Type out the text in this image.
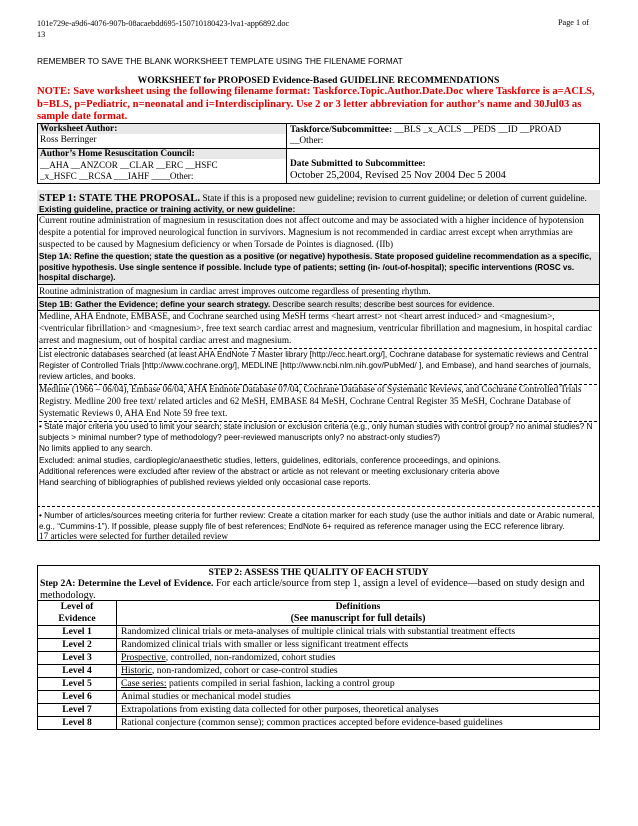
101e729e-a9d6-4076-907b-08acaebdd695-150710180423-lva1-app6892.doc
13
Page 1 of
REMEMBER TO SAVE THE BLANK WORKSHEET TEMPLATE USING THE FILENAME FORMAT
WORKSHEET for PROPOSED Evidence-Based GUIDELINE RECOMMENDATIONS
NOTE: Save worksheet using the following filename format: Taskforce.Topic.Author.Date.Doc where Taskforce is a=ACLS, b=BLS, p=Pediatric, n=neonatal and i=Interdisciplinary. Use 2 or 3 letter abbreviation for author’s name and 30Jul03 as sample date format.
Worksheet Author:
Ross Berringer
Taskforce/Subcommittee: __BLS _x_ACLS __PEDS __ID __PROAD
__Other:
Author’s Home Resuscitation Council:
__AHA __ANZCOR __CLAR __ERC __HSFC
_x_HSFC __RCSA ___IAHF ____Other:
Date Submitted to Subcommittee:
October 25,2004, Revised 25 Nov 2004 Dec 5 2004
STEP 1: STATE THE PROPOSAL. State if this is a proposed new guideline; revision to current guideline; or deletion of current guideline.
Existing guideline, practice or training activity, or new guideline:
Current routine administration of magnesium in resuscitation does not affect outcome and may be associated with a higher incidence of hypotension despite a potential for improved neurological function in survivors. Magnesium is not recommended in cardiac arrest except when arrythmias are suspected to be caused by Magnesium deficiency or when Torsade de Pointes is diagnosed. (IIb)
Step 1A: Refine the question; state the question as a positive (or negative) hypothesis. State proposed guideline recommendation as a specific, positive hypothesis. Use single sentence if possible. Include type of patients; setting (in- /out-of-hospital); specific interventions (ROSC vs. hospital discharge).
Routine administration of magnesium in cardiac arrest improves outcome regardless of presenting rhythm.
Step 1B: Gather the Evidence; define your search strategy. Describe search results; describe best sources for evidence.
Medline, AHA Endnote, EMBASE, and Cochrane searched using MeSH terms <heart arrest> not <heart arrest induced> and <magnesium>, <ventricular fibrillation> and <magnesium>, free text search cardiac arrest and magnesium, ventricular fibrillation and magnesium, in hospital cardiac arrest and magnesium, out of hospital cardiac arrest and magnesium.
List electronic databases searched (at least AHA EndNote 7 Master library [http://ecc.heart.org/], Cochrane database for systematic reviews and Central Register of Controlled Trials [http://www.cochrane.org/], MEDLINE [http://www.ncbi.nlm.nih.gov/PubMed/ ], and Embase), and hand searches of journals, review articles, and books.
Medline (1966 – 06/04), Embase 06/04, AHA Endnote Database 07/04, Cochrane Database of Systematic Reviews, and Cochrane Controlled Trials Registry. Medline 200 free text/ related articles and 62 MeSH, EMBASE 84 MeSH, Cochrane Central Register 35 MeSH, Cochrane Database of Systematic Reviews 0, AHA End Note 59 free text.
• State major criteria you used to limit your search; state inclusion or exclusion criteria (e.g., only human studies with control group? no animal studies? N subjects > minimal number? type of methodology? peer-reviewed manuscripts only? no abstract-only studies?)
No limits applied to any search.
Excluded: animal studies, cardioplegic/anaesthetic studies, letters, guidelines, editorials, conference proceedings, and opinions.
Additional references were excluded after review of the abstract or article as not relevant or meeting exclusionary criteria above
Hand searching of bibliographies of published reviews yielded only occasional case reports.
• Number of articles/sources meeting criteria for further review: Create a citation marker for each study (use the author initials and date or Arabic numeral, e.g., “Cummins-1”). If possible, please supply file of best references; EndNote 6+ required as reference manager using the ECC reference library.
17 articles were selected for further detailed review
STEP 2: ASSESS THE QUALITY OF EACH STUDY
Step 2A: Determine the Level of Evidence. For each article/source from step 1, assign a level of evidence—based on study design and methodology.
Level of Evidence	Definitions
(See manuscript for full details)

Level 1	Randomized clinical trials or meta-analyses of multiple clinical trials with substantial treatment effects
Level 2	Randomized clinical trials with smaller or less significant treatment effects
Level 3	Prospective, controlled, non-randomized, cohort studies
Level 4	Historic, non-randomized, cohort or case-control studies
Level 5	Case series: patients compiled in serial fashion, lacking a control group
Level 6	Animal studies or mechanical model studies
Level 7	Extrapolations from existing data collected for other purposes, theoretical analyses
Level 8	Rational conjecture (common sense); common practices accepted before evidence-based guidelines
